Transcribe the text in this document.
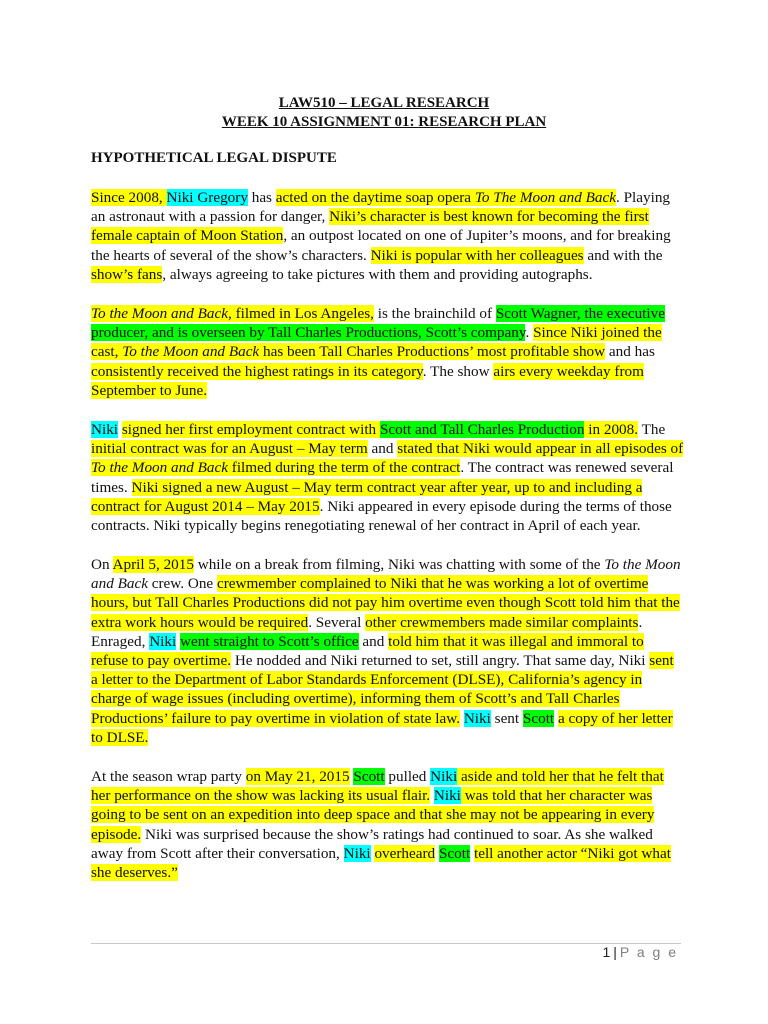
LAW510 – LEGAL RESEARCH
WEEK 10 ASSIGNMENT 01: RESEARCH PLAN
HYPOTHETICAL LEGAL DISPUTE
Since 2008, Niki Gregory has acted on the daytime soap opera To The Moon and Back. Playing
an astronaut with a passion for danger, Niki’s character is best known for becoming the first
female captain of Moon Station, an outpost located on one of Jupiter’s moons, and for breaking
the hearts of several of the show’s characters. Niki is popular with her colleagues and with the
show’s fans, always agreeing to take pictures with them and providing autographs.
To the Moon and Back, filmed in Los Angeles, is the brainchild of Scott Wagner, the executive
producer, and is overseen by Tall Charles Productions, Scott’s company. Since Niki joined the
cast, To the Moon and Back has been Tall Charles Productions’ most profitable show and has
consistently received the highest ratings in its category. The show airs every weekday from
September to June.
Niki signed her first employment contract with Scott and Tall Charles Production in 2008. The
initial contract was for an August – May term and stated that Niki would appear in all episodes of
To the Moon and Back filmed during the term of the contract. The contract was renewed several
times. Niki signed a new August – May term contract year after year, up to and including a
contract for August 2014 – May 2015. Niki appeared in every episode during the terms of those
contracts. Niki typically begins renegotiating renewal of her contract in April of each year.
On April 5, 2015 while on a break from filming, Niki was chatting with some of the To the Moon
and Back crew. One crewmember complained to Niki that he was working a lot of overtime
hours, but Tall Charles Productions did not pay him overtime even though Scott told him that the
extra work hours would be required. Several other crewmembers made similar complaints.
Enraged, Niki went straight to Scott’s office and told him that it was illegal and immoral to
refuse to pay overtime. He nodded and Niki returned to set, still angry. That same day, Niki sent
a letter to the Department of Labor Standards Enforcement (DLSE), California’s agency in
charge of wage issues (including overtime), informing them of Scott’s and Tall Charles
Productions’ failure to pay overtime in violation of state law. Niki sent Scott a copy of her letter
to DLSE.
At the season wrap party on May 21, 2015 Scott pulled Niki aside and told her that he felt that
her performance on the show was lacking its usual flair. Niki was told that her character was
going to be sent on an expedition into deep space and that she may not be appearing in every
episode. Niki was surprised because the show’s ratings had continued to soar. As she walked
away from Scott after their conversation, Niki overheard Scott tell another actor “Niki got what
she deserves.”
1 | P a g e
